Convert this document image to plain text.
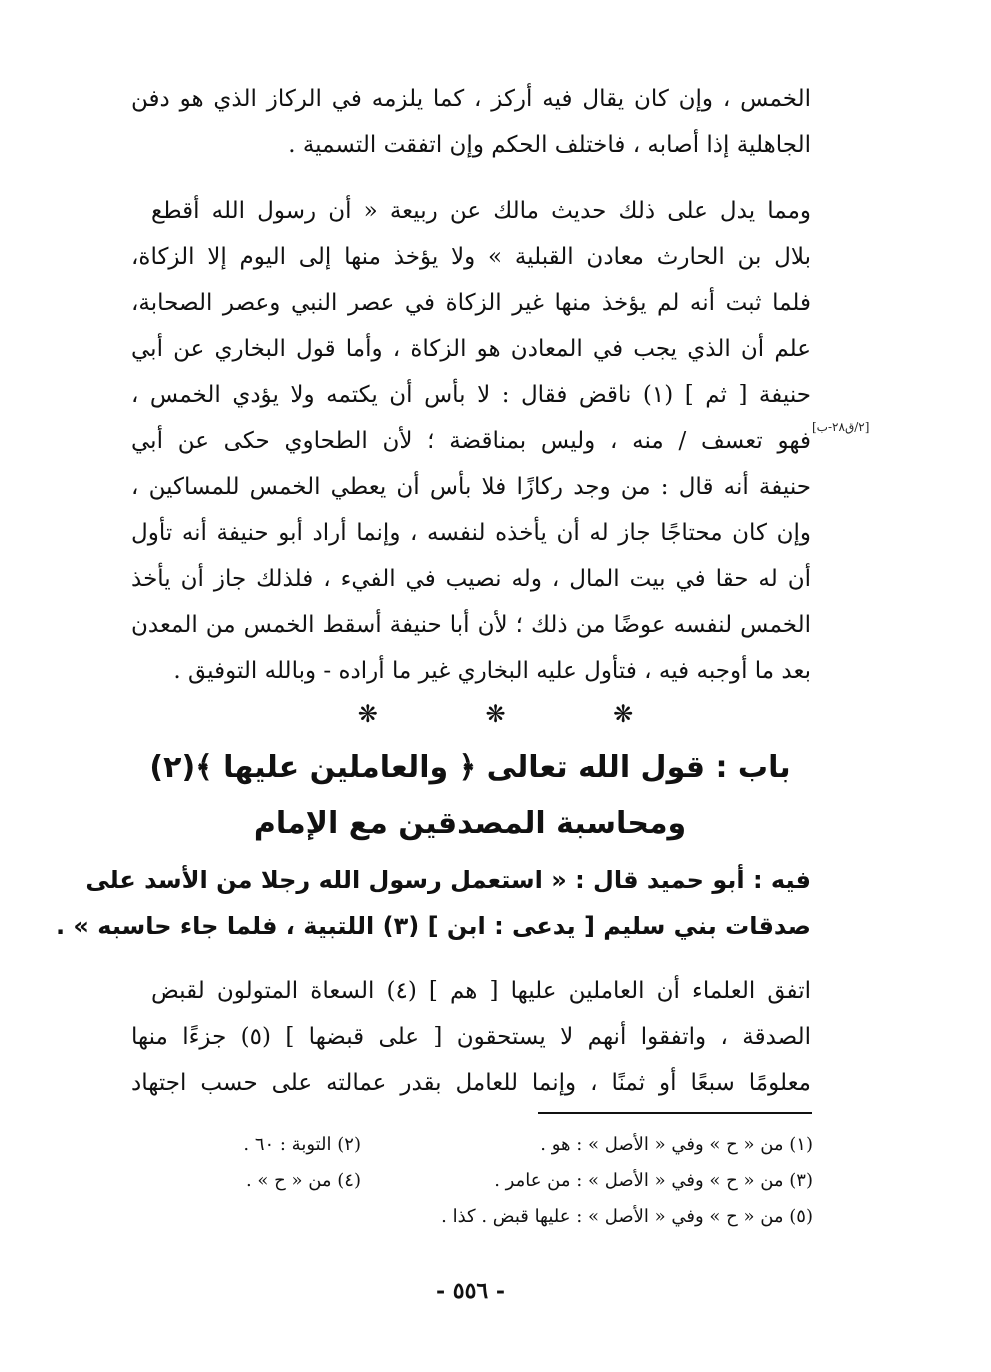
الخمس ، وإن كان يقال فيه أركز ، كما يلزمه في الركاز الذي هو دفن
الجاهلية إذا أصابه ، فاختلف الحكم وإن اتفقت التسمية .
ومما يدل على ذلك حديث مالك عن ربيعة « أن رسول الله أقطع
بلال بن الحارث معادن القبلية » ولا يؤخذ منها إلى اليوم إلا الزكاة،
فلما ثبت أنه لم يؤخذ منها غير الزكاة في عصر النبي وعصر الصحابة،
علم أن الذي يجب في المعادن هو الزكاة ، وأما قول البخاري عن أبي
حنيفة [ ثم ] (١) ناقض فقال : لا بأس أن يكتمه ولا يؤدي الخمس ،
فهو تعسف / منه ، وليس بمناقضة ؛ لأن الطحاوي حكى عن أبي
حنيفة أنه قال : من وجد ركازًا فلا بأس أن يعطي الخمس للمساكين ،
وإن كان محتاجًا جاز له أن يأخذه لنفسه ، وإنما أراد أبو حنيفة أنه تأول
أن له حقا في بيت المال ، وله نصيب في الفيء ، فلذلك جاز أن يأخذ
الخمس لنفسه عوضًا من ذلك ؛ لأن أبا حنيفة أسقط الخمس من المعدن
بعد ما أوجبه فيه ، فتأول عليه البخاري غير ما أراده - وبالله التوفيق .
[٢/ق٢٨-ب]
❋ ❋ ❋
باب : قول الله تعالى ﴿ والعاملين عليها ﴾(٢)
ومحاسبة المصدقين مع الإمام
فيه : أبو حميد قال : « استعمل رسول الله رجلا من الأسد على
صدقات بني سليم [ يدعى : ابن ] (٣) اللتبية ، فلما جاء حاسبه » .
اتفق العلماء أن العاملين عليها [ هم ] (٤) السعاة المتولون لقبض
الصدقة ، واتفقوا أنهم لا يستحقون [ على قبضها ] (٥) جزءًا منها
معلومًا سبعًا أو ثمنًا ، وإنما للعامل بقدر عمالته على حسب اجتهاد
(١) من « ح » وفي « الأصل » : هو .
(٢) التوبة : ٦٠ .
(٣) من « ح » وفي « الأصل » : من عامر .
(٤) من « ح » .
(٥) من « ح » وفي « الأصل » : عليها قبض . كذا .
- ٥٥٦ -
